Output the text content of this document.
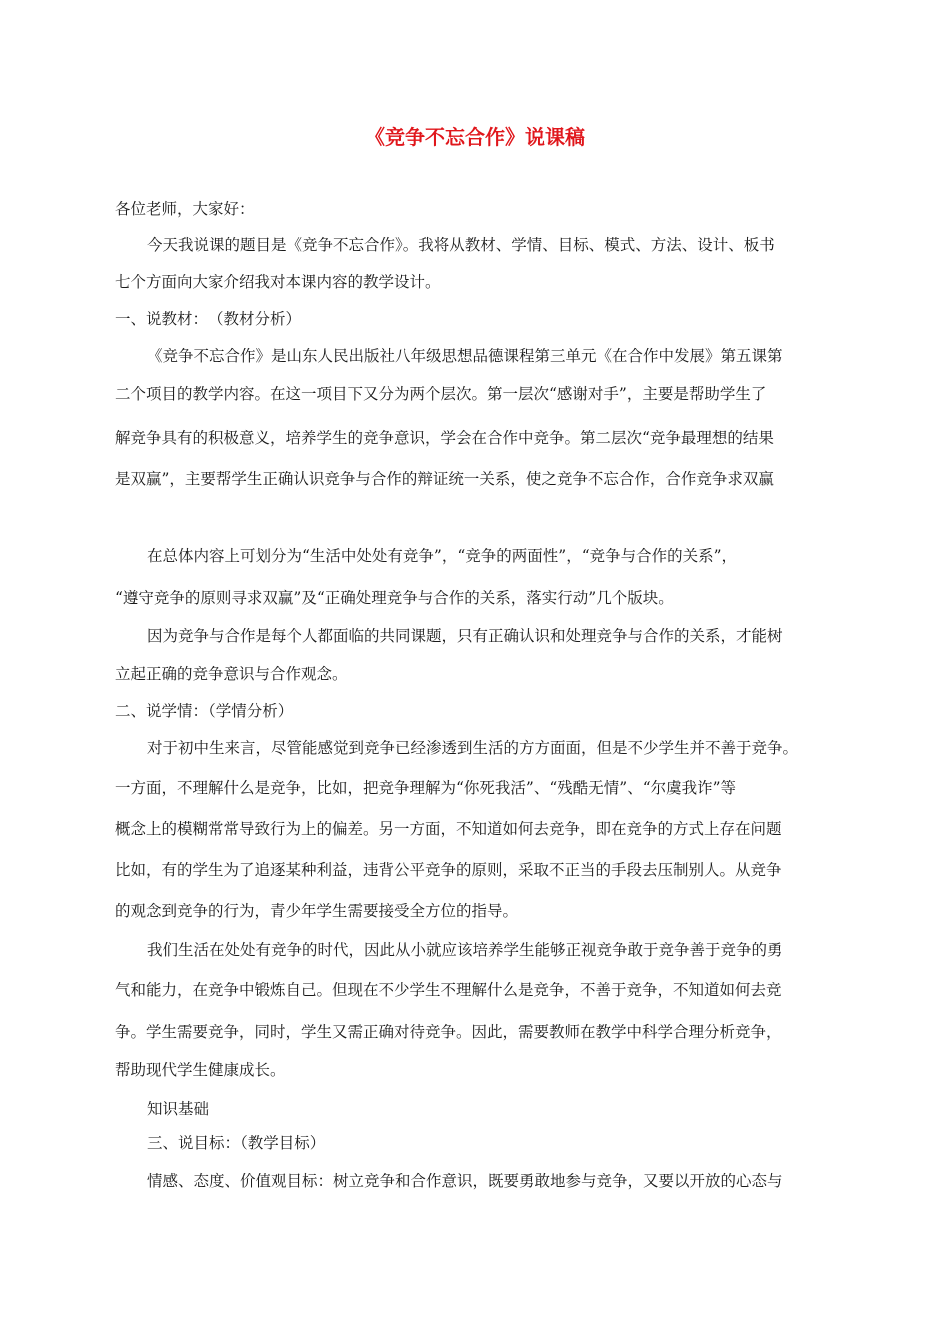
《竞争不忘合作》说课稿
各位老师，大家好：
今天我说课的题目是《竞争不忘合作》。我将从教材、学情、目标、模式、方法、设计、板书
七个方面向大家介绍我对本课内容的教学设计。
一、说教材：　（教材分析）
《竞争不忘合作》是山东人民出版社八年级思想品德课程第三单元《在合作中发展》第五课第
二个项目的教学内容。在这一项目下又分为两个层次。第一层次“感谢对手”，主要是帮助学生了
解竞争具有的积极意义，培养学生的竞争意识，学会在合作中竞争。第二层次“竞争最理想的结果
是双赢”，主要帮学生正确认识竞争与合作的辩证统一关系，使之竞争不忘合作，合作竞争求双赢
在总体内容上可划分为“生活中处处有竞争”，“竞争的两面性”，“竞争与合作的关系”，
“遵守竞争的原则寻求双赢”及“正确处理竞争与合作的关系，落实行动”几个版块。
因为竞争与合作是每个人都面临的共同课题，只有正确认识和处理竞争与合作的关系，才能树
立起正确的竞争意识与合作观念。
二、说学情：（学情分析）
对于初中生来言，尽管能感觉到竞争已经渗透到生活的方方面面，但是不少学生并不善于竞争。
一方面，不理解什么是竞争，比如，把竞争理解为“你死我活”、“残酷无情”、“尔虞我诈”等
概念上的模糊常常导致行为上的偏差。另一方面，不知道如何去竞争，即在竞争的方式上存在问题
比如，有的学生为了追逐某种利益，违背公平竞争的原则，采取不正当的手段去压制别人。从竞争
的观念到竞争的行为，青少年学生需要接受全方位的指导。
我们生活在处处有竞争的时代，因此从小就应该培养学生能够正视竞争敢于竞争善于竞争的勇
气和能力，在竞争中锻炼自己。但现在不少学生不理解什么是竞争，不善于竞争，不知道如何去竞
争。学生需要竞争，同时，学生又需正确对待竞争。因此，需要教师在教学中科学合理分析竞争，
帮助现代学生健康成长。
知识基础
三、说目标：（教学目标）
情感、态度、价值观目标：树立竞争和合作意识，既要勇敢地参与竞争，又要以开放的心态与
